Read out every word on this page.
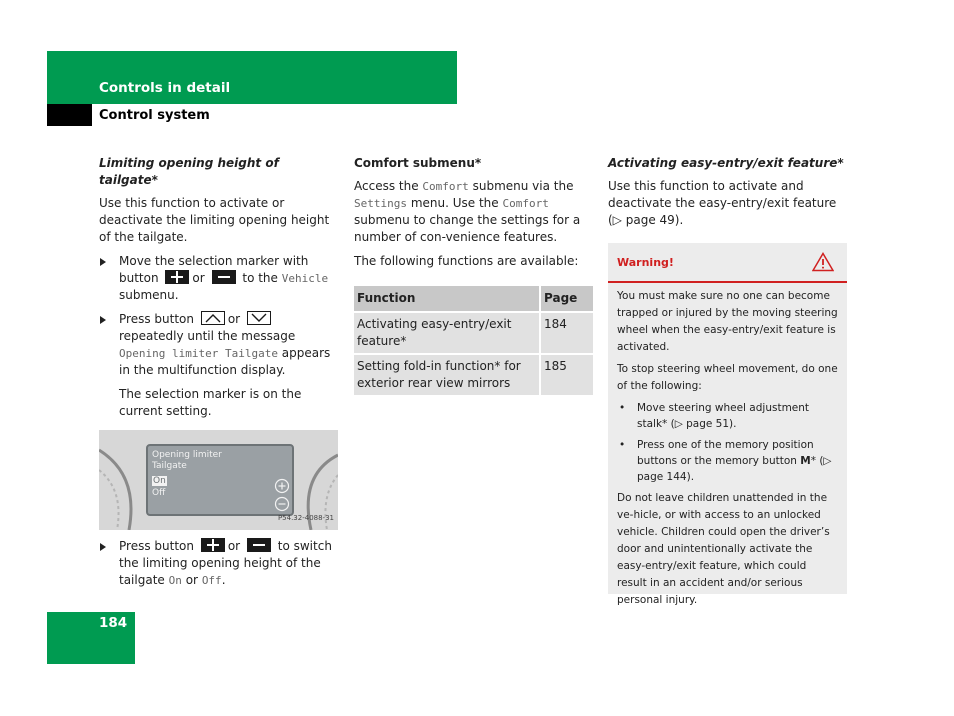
Controls in detail
Control system
Limiting opening height of tailgate*

Use this function to activate or deactivate the limiting opening height of the tailgate.

Move the selection marker with button	or	to the Vehicle submenu.
Press button	or
repeatedly until the message Opening limiter Tailgate appears in the multifunction display.
The selection marker is on the current setting.
Opening limiter
Tailgate
On
Off
P54.32-4088-31
Press button	or	to switch the limiting opening height of the tailgate On or Off.
Comfort submenu*

Access the Comfort submenu via the Settings menu. Use the Comfort submenu to change the settings for a number of con-venience features.

The following functions are available:

Function	Page
Activating easy-entry/exit feature*	184
Setting fold-in function* for exterior rear view mirrors	185
Activating easy-entry/exit feature*

Use this function to activate and deactivate the easy-entry/exit feature (▷ page 49).

Warning!

You must make sure no one can become trapped or injured by the moving steering wheel when the easy-entry/exit feature is activated.

To stop steering wheel movement, do one of the following:

• Move steering wheel adjustment stalk* (▷ page 51).
• Press one of the memory position buttons or the memory button M* (▷ page 144).

Do not leave children unattended in the ve-hicle, or with access to an unlocked vehicle. Children could open the driver’s door and unintentionally activate the easy-entry/exit feature, which could result in an accident and/or serious personal injury.

184
